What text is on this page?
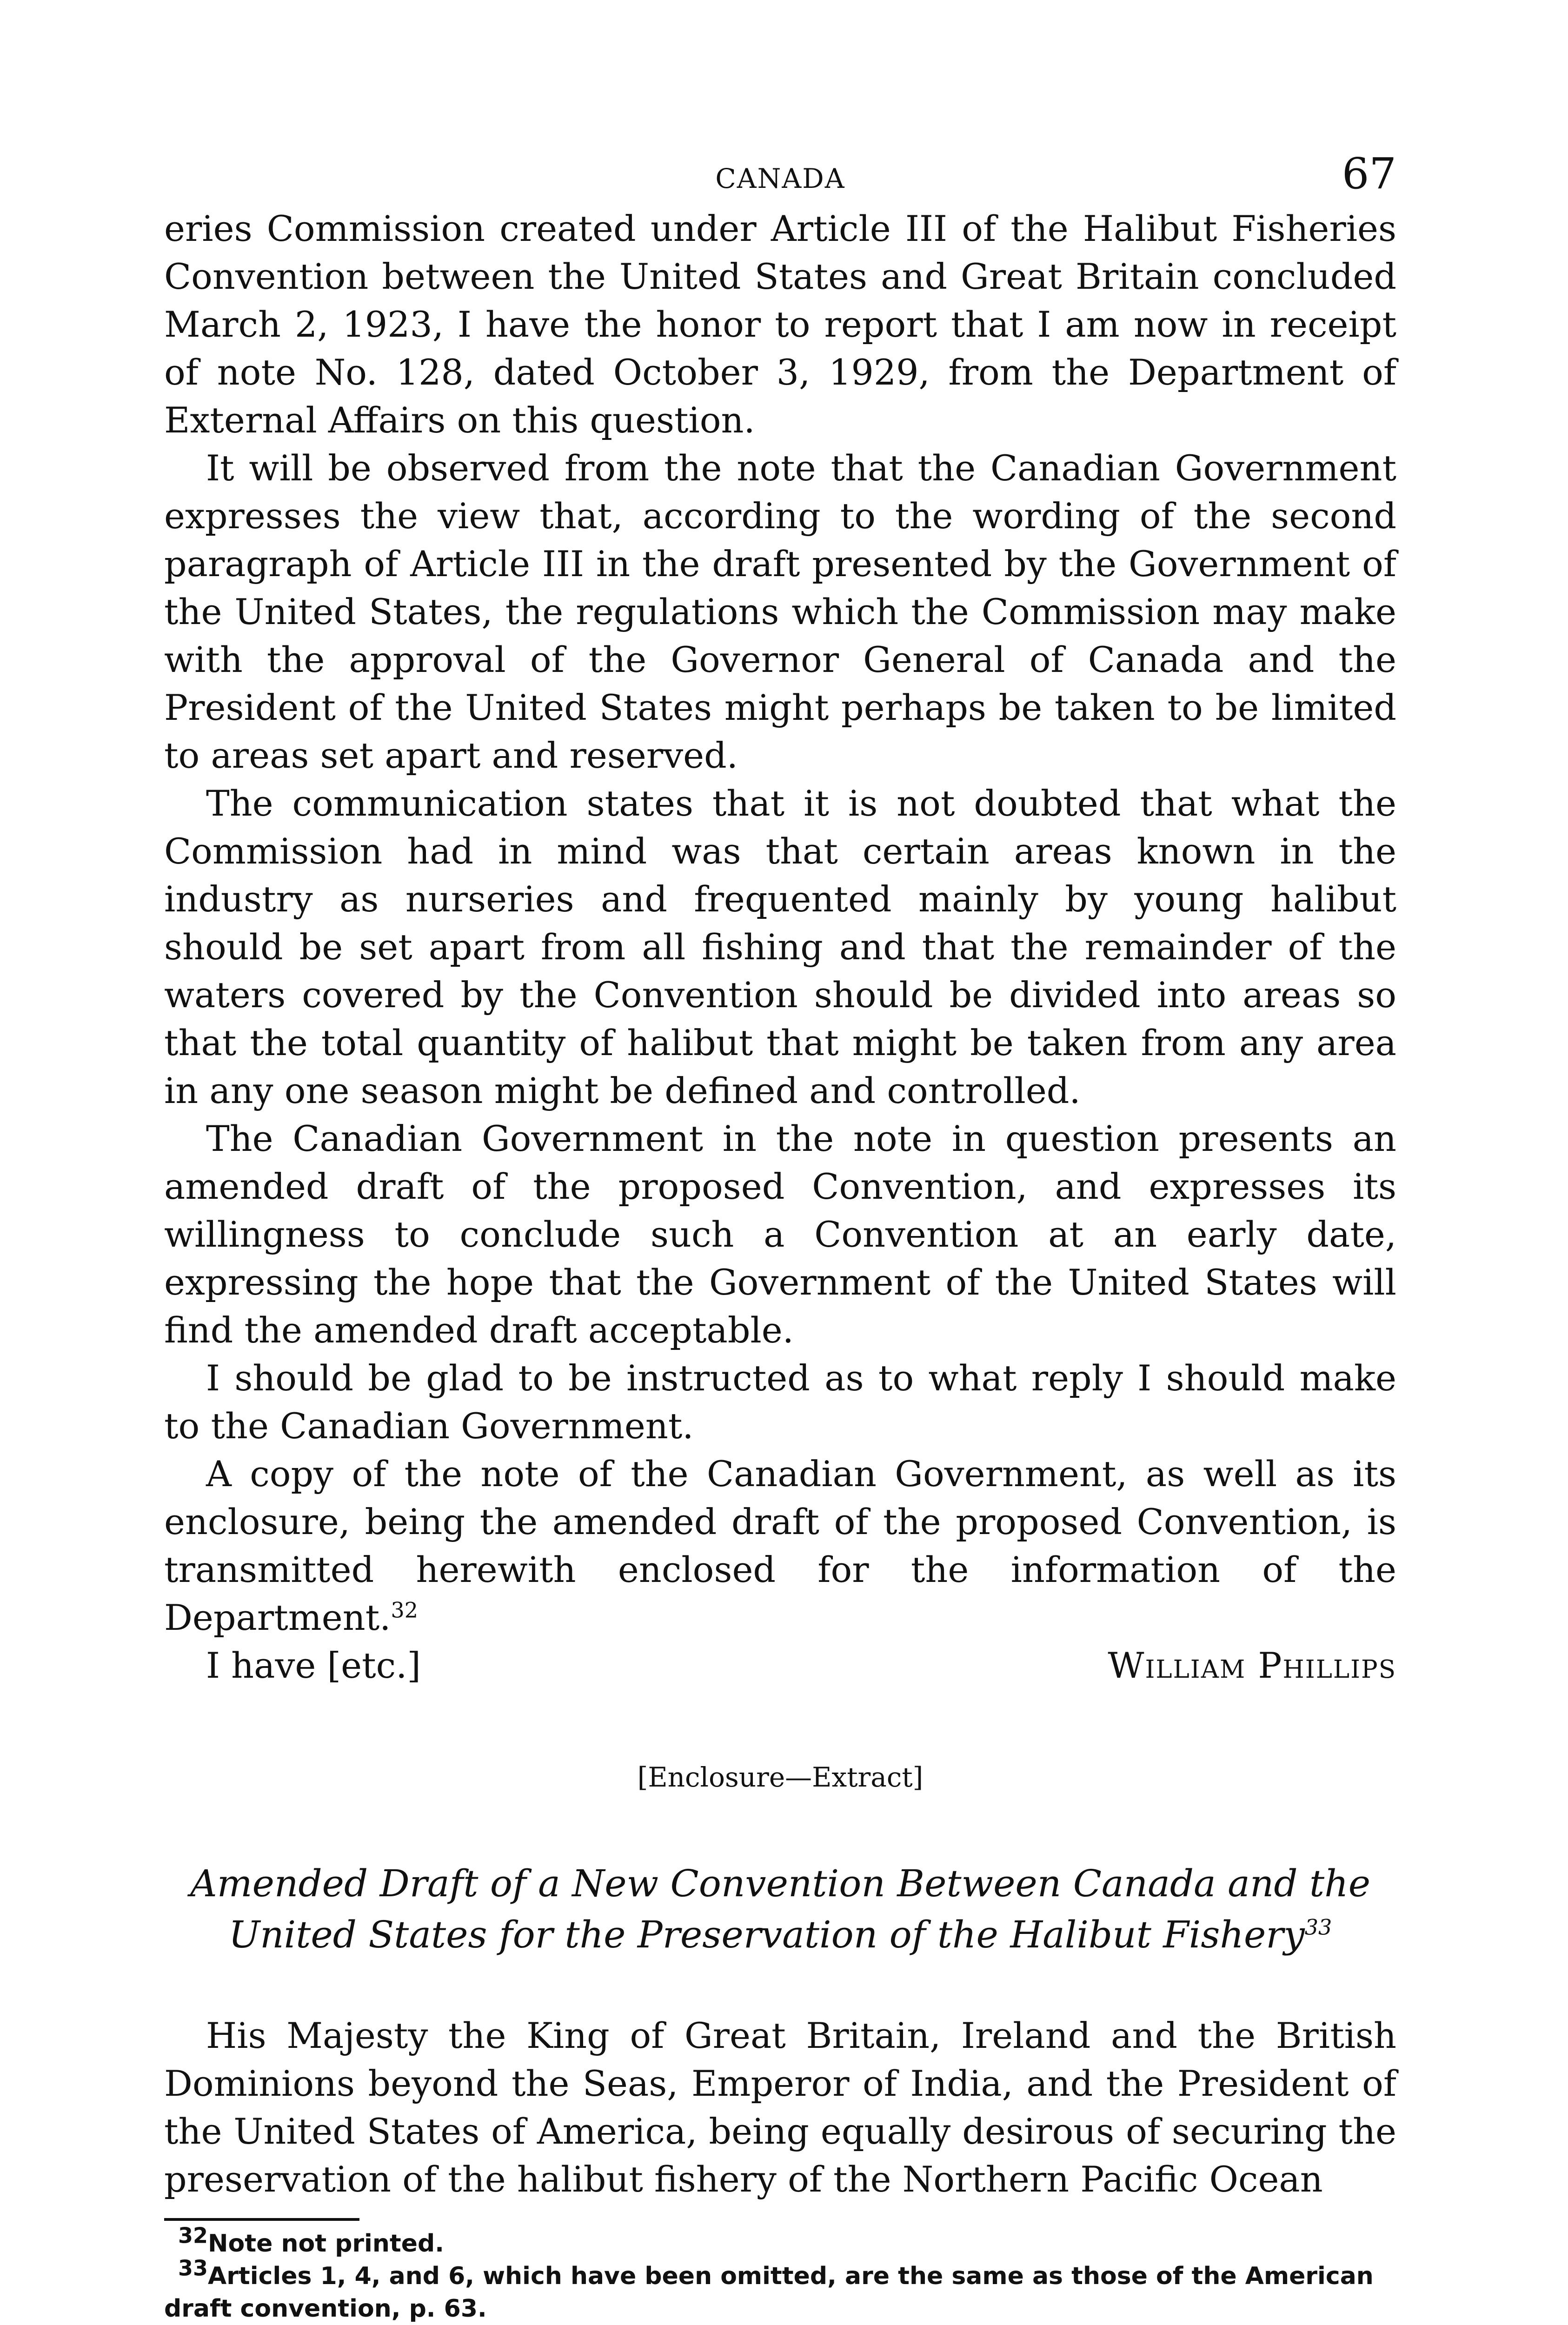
CANADA	67

eries Commission created under Article III of the Halibut Fisheries Convention between the United States and Great Britain concluded March 2, 1923, I have the honor to report that I am now in receipt of note No. 128, dated October 3, 1929, from the Department of External Affairs on this question.

It will be observed from the note that the Canadian Government expresses the view that, according to the wording of the second paragraph of Article III in the draft presented by the Government of the United States, the regulations which the Commission may make with the approval of the Governor General of Canada and the President of the United States might perhaps be taken to be limited to areas set apart and reserved.

The communication states that it is not doubted that what the Commission had in mind was that certain areas known in the industry as nurseries and frequented mainly by young halibut should be set apart from all fishing and that the remainder of the waters covered by the Convention should be divided into areas so that the total quantity of halibut that might be taken from any area in any one season might be defined and controlled.

The Canadian Government in the note in question presents an amended draft of the proposed Convention, and expresses its willingness to conclude such a Convention at an early date, expressing the hope that the Government of the United States will find the amended draft acceptable.

I should be glad to be instructed as to what reply I should make to the Canadian Government.

A copy of the note of the Canadian Government, as well as its enclosure, being the amended draft of the proposed Convention, is transmitted herewith enclosed for the information of the Department.$^{32}$

I have [etc.]	William Phillips
[Enclosure—Extract]
Amended Draft of a New Convention Between Canada and the United States for the Preservation of the Halibut Fishery$^{33}$

His Majesty the King of Great Britain, Ireland and the British Dominions beyond the Seas, Emperor of India, and the President of the United States of America, being equally desirous of securing the preservation of the halibut fishery of the Northern Pacific Ocean

$^{32}$Note not printed.

$^{33}$Articles 1, 4, and 6, which have been omitted, are the same as those of the American draft convention, p. 63.
